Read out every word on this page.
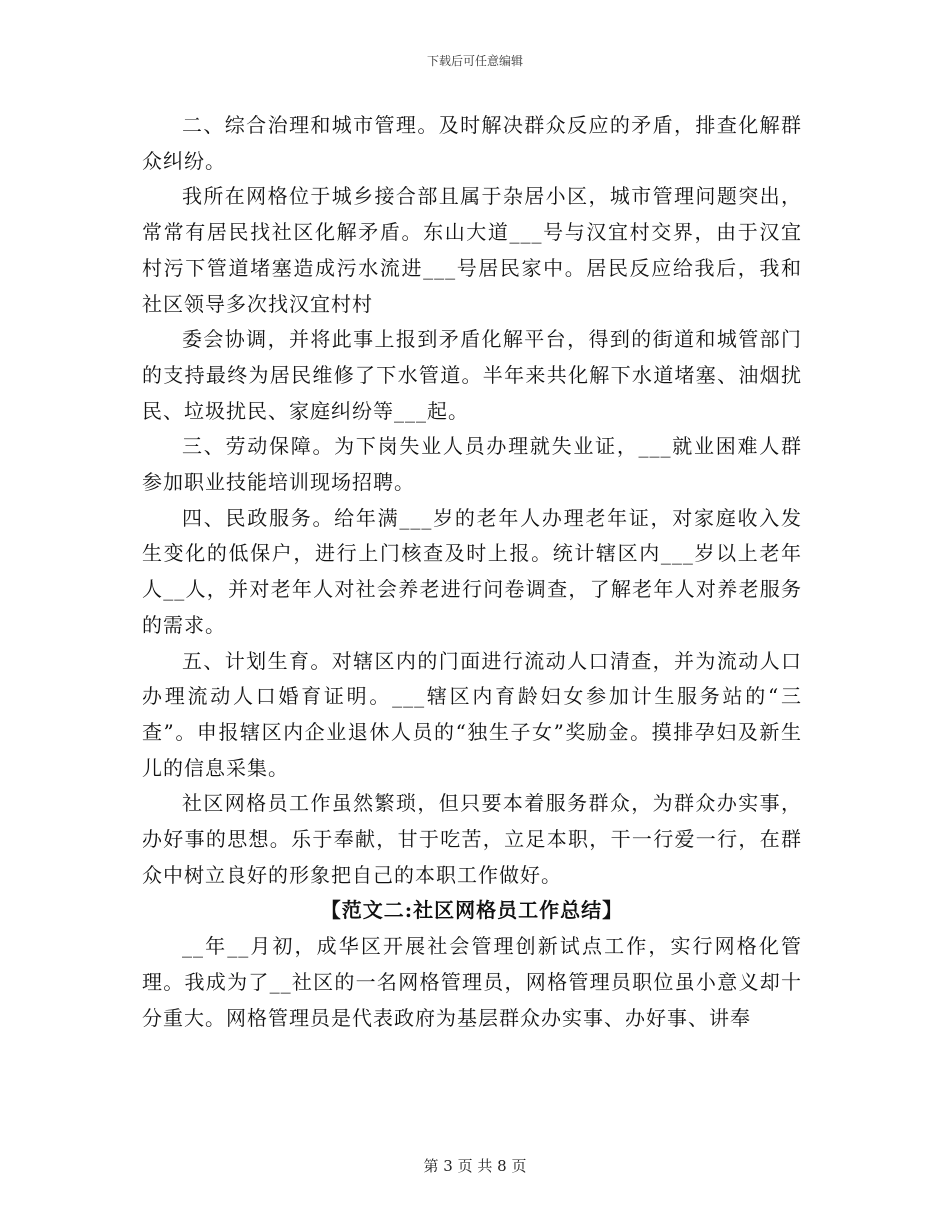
下载后可任意编辑

二、综合治理和城市管理。及时解决群众反应的矛盾，排查化解群众纠纷。

我所在网格位于城乡接合部且属于杂居小区，城市管理问题突出，常常有居民找社区化解矛盾。东山大道___号与汉宜村交界，由于汉宜村污下管道堵塞造成污水流进___号居民家中。居民反应给我后，我和社区领导多次找汉宜村村

委会协调，并将此事上报到矛盾化解平台，得到的街道和城管部门的支持最终为居民维修了下水管道。半年来共化解下水道堵塞、油烟扰民、垃圾扰民、家庭纠纷等___起。

三、劳动保障。为下岗失业人员办理就失业证，___就业困难人群参加职业技能培训现场招聘。

四、民政服务。给年满___岁的老年人办理老年证，对家庭收入发生变化的低保户，进行上门核查及时上报。统计辖区内___岁以上老年人__人，并对老年人对社会养老进行问卷调查，了解老年人对养老服务的需求。

五、计划生育。对辖区内的门面进行流动人口清查，并为流动人口办理流动人口婚育证明。___辖区内育龄妇女参加计生服务站的“三查”。申报辖区内企业退休人员的“独生子女”奖励金。摸排孕妇及新生儿的信息采集。

社区网格员工作虽然繁琐，但只要本着服务群众，为群众办实事，办好事的思想。乐于奉献，甘于吃苦，立足本职，干一行爱一行，在群众中树立良好的形象把自己的本职工作做好。

【范文二:社区网格员工作总结】

__年__月初，成华区开展社会管理创新试点工作，实行网格化管理。我成为了__社区的一名网格管理员，网格管理员职位虽小意义却十分重大。网格管理员是代表政府为基层群众办实事、办好事、讲奉

第 3 页 共 8 页
